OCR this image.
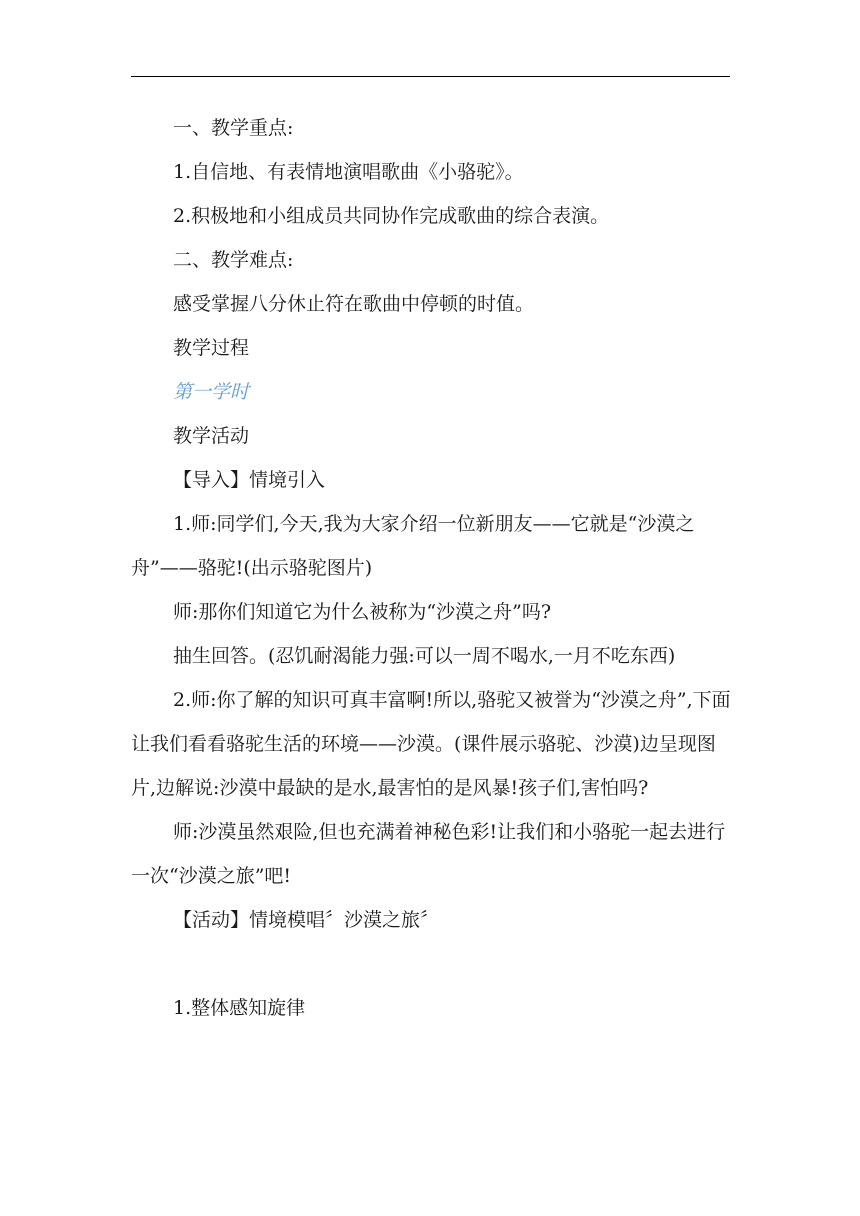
一、教学重点:

1.自信地、有表情地演唱歌曲《小骆驼》。

2.积极地和小组成员共同协作完成歌曲的综合表演。

二、教学难点:

感受掌握八分休止符在歌曲中停顿的时值。

教学过程

第一学时

教学活动

【导入】情境引入

1.师:同学们,今天,我为大家介绍一位新朋友——它就是“沙漠之舟”——骆驼!(出示骆驼图片)

师:那你们知道它为什么被称为“沙漠之舟”吗?

抽生回答。(忍饥耐渴能力强:可以一周不喝水,一月不吃东西)

2.师:你了解的知识可真丰富啊!所以,骆驼又被誉为“沙漠之舟”,下面让我们看看骆驼生活的环境——沙漠。(课件展示骆驼、沙漠)边呈现图片,边解说:沙漠中最缺的是水,最害怕的是风暴!孩子们,害怕吗?

师:沙漠虽然艰险,但也充满着神秘色彩!让我们和小骆驼一起去进行一次“沙漠之旅”吧!

【活动】情境模唱〞沙漠之旅〞

1.整体感知旋律
